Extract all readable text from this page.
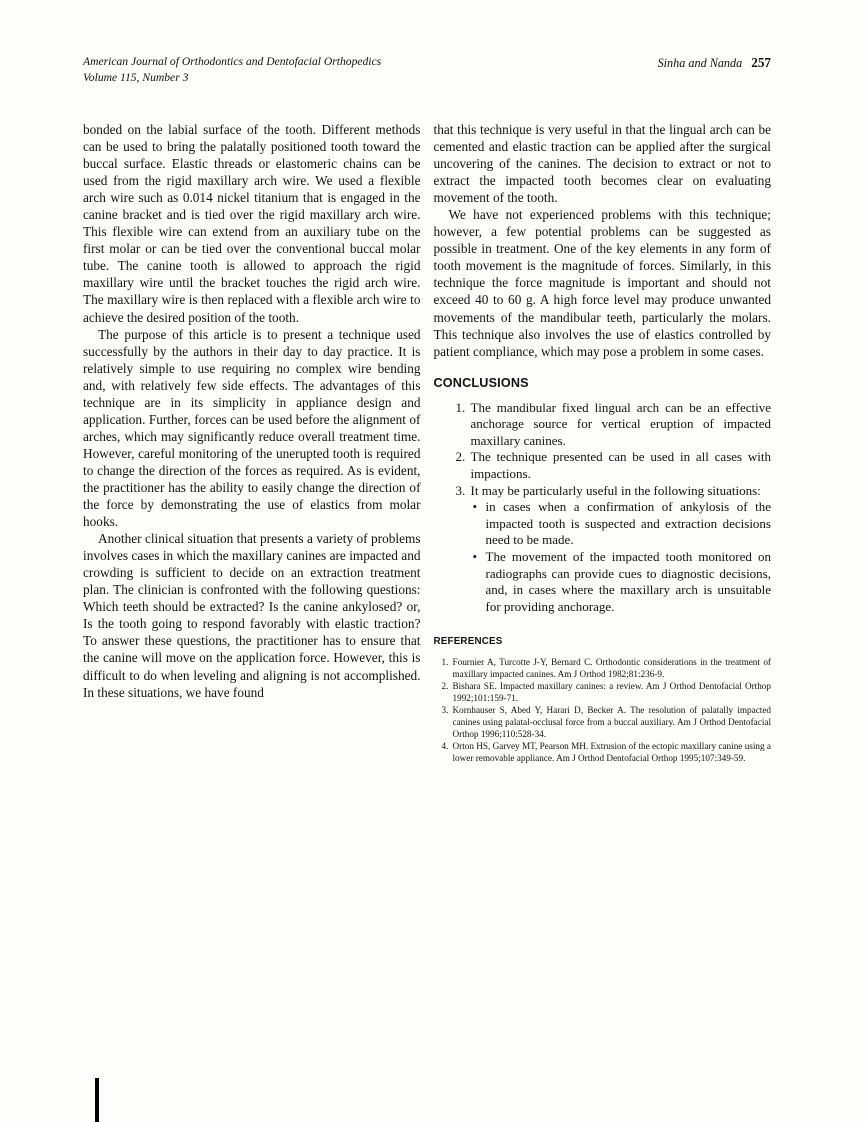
American Journal of Orthodontics and Dentofacial Orthopedics
Volume 115, Number 3
Sinha and Nanda 257

bonded on the labial surface of the tooth. Different methods can be used to bring the palatally positioned tooth toward the buccal surface. Elastic threads or elastomeric chains can be used from the rigid maxillary arch wire. We used a flexible arch wire such as 0.014 nickel titanium that is engaged in the canine bracket and is tied over the rigid maxillary arch wire. This flexible wire can extend from an auxiliary tube on the first molar or can be tied over the conventional buccal molar tube. The canine tooth is allowed to approach the rigid maxillary wire until the bracket touches the rigid arch wire. The maxillary wire is then replaced with a flexible arch wire to achieve the desired position of the tooth.

The purpose of this article is to present a technique used successfully by the authors in their day to day practice. It is relatively simple to use requiring no complex wire bending and, with relatively few side effects. The advantages of this technique are in its simplicity in appliance design and application. Further, forces can be used before the alignment of arches, which may significantly reduce overall treatment time. However, careful monitoring of the unerupted tooth is required to change the direction of the forces as required. As is evident, the practitioner has the ability to easily change the direction of the force by demonstrating the use of elastics from molar hooks.

Another clinical situation that presents a variety of problems involves cases in which the maxillary canines are impacted and crowding is sufficient to decide on an extraction treatment plan. The clinician is confronted with the following questions: Which teeth should be extracted? Is the canine ankylosed? or, Is the tooth going to respond favorably with elastic traction? To answer these questions, the practitioner has to ensure that the canine will move on the application force. However, this is difficult to do when leveling and aligning is not accomplished. In these situations, we have found

that this technique is very useful in that the lingual arch can be cemented and elastic traction can be applied after the surgical uncovering of the canines. The decision to extract or not to extract the impacted tooth becomes clear on evaluating movement of the tooth.

We have not experienced problems with this technique; however, a few potential problems can be suggested as possible in treatment. One of the key elements in any form of tooth movement is the magnitude of forces. Similarly, in this technique the force magnitude is important and should not exceed 40 to 60 g. A high force level may produce unwanted movements of the mandibular teeth, particularly the molars. This technique also involves the use of elastics controlled by patient compliance, which may pose a problem in some cases.

CONCLUSIONS
1. The mandibular fixed lingual arch can be an effective anchorage source for vertical eruption of impacted maxillary canines.
2. The technique presented can be used in all cases with impactions.
3. It may be particularly useful in the following situations:
• in cases when a confirmation of ankylosis of the impacted tooth is suspected and extraction decisions need to be made.
• The movement of the impacted tooth monitored on radiographs can provide cues to diagnostic decisions, and, in cases where the maxillary arch is unsuitable for providing anchorage.
REFERENCES
1. Fournier A, Turcotte J-Y, Bernard C. Orthodontic considerations in the treatment of maxillary impacted canines. Am J Orthod 1982;81:236-9.
2. Bishara SE. Impacted maxillary canines: a review. Am J Orthod Dentofacial Orthop 1992;101:159-71.
3. Kornhauser S, Abed Y, Harari D, Becker A. The resolution of palatally impacted canines using palatal-occlusal force from a buccal auxiliary. Am J Orthod Dentofacial Orthop 1996;110:528-34.
4. Orton HS, Garvey MT, Pearson MH. Extrusion of the ectopic maxillary canine using a lower removable appliance. Am J Orthod Dentofacial Orthop 1995;107:349-59.
